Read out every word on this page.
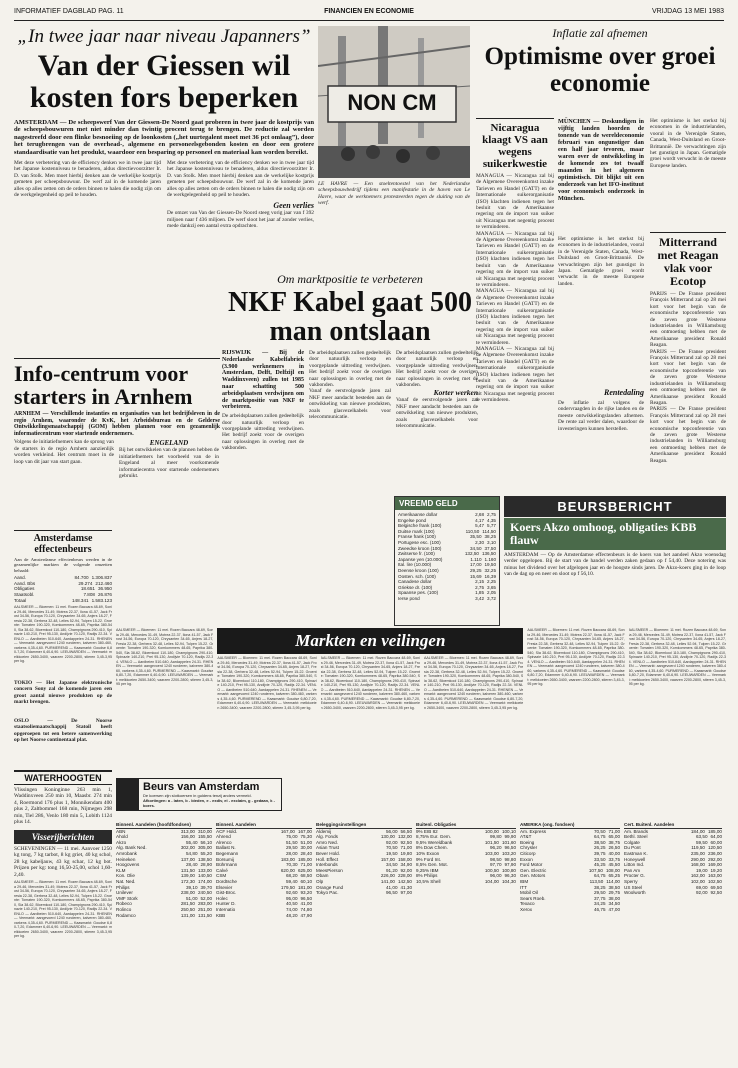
INFORMATIEF DAGBLAD PAG. 11	FINANCIEN EN ECONOMIE	VRIJDAG 13 MEI 1983
„In twee jaar naar niveau Japanners”
Van der Giessen wil kosten fors beperken
AMSTERDAM — De scheepswerf Van der Giessen-De Noord gaat proberen in twee jaar de kostprijs van de scheepsbouwuren met niet minder dan twintig procent terug te brengen. De reductie zal worden nagestreefd door een flinke besnoeiing op de loonkosten („het uurtegalent moet met 36 pct omlaag”), door het terugbrengen van de overhead-, algemene en personeelsgebonden kosten en door een grotere standaardisatie van het produkt, waardoor een besparing op personeel en materiaal kan worden bereikt.
Met deze verbetering van de efficiency denken we in twee jaar tijd het Japanse kostenniveau te benaderen, aldus directievoorzitter Ir. D. van Stolk. Men moet hierbij denken aan de werkelijke kostprijs gemeten per scheepsbouwuur. De werf zal in de komende jaren alles op alles zetten om de orders binnen te halen die nodig zijn om de werkgelegenheid op peil te houden.
Met deze verbetering van de efficiency denken we in twee jaar tijd het Japanse kostenniveau te benaderen, aldus directievoorzitter Ir. D. van Stolk. Men moet hierbij denken aan de werkelijke kostprijs gemeten per scheepsbouwuur. De werf zal in de komende jaren alles op alles zetten om de orders binnen te halen die nodig zijn om de werkgelegenheid op peil te houden.
Geen verlies
De omzet van Van der Giessen-De Noord steeg vorig jaar van f 392 miljoen naar f 436 miljoen. De werf sloot het jaar af zonder verlies, mede dankzij een aantal extra opdrachten.
NON CM
LE HAVRE — Een stoeltentoestel van het Nederlandse scheepsbouwbedrijf tijdens een manifestatie in de haven van Le Havre, waar de werknemers protesteerden tegen de sluiting van de werf.
Inflatie zal afnemen
Optimisme over groei economie
MÜNCHEN — Deskundigen in vijftig landen hoorden de tonende van de wereldeconomie februari van ongunstiger dan een half jaar tevoren, maar waren over de ontwikkeling in de komende zes tot twaalf maanden in het algemeen optimistisch. Dit blijkt uit een onderzoek van het IFO-instituut voor economisch onderzoek in München.
Het optimisme is het sterkst bij economen in de industrielanden, vooral in de Verenigde Staten, Canada, West-Duitsland en Groot-Brittannië. De verwachtingen zijn het gunstigst in Japan. Gematigde groei wordt verwacht in de meeste Europese landen.
Rentedaling
De inflatie zal volgens de ondervraagden in de rijke landen en de meeste ontwikkelingslanden afnemen. De rente zal verder dalen, waardoor de investeringen kunnen herstellen.
Het optimisme is het sterkst bij economen in de industrielanden, vooral in de Verenigde Staten, Canada, West-Duitsland en Groot-Brittannië. De verwachtingen zijn het gunstigst in Japan. Gematigde groei wordt verwacht in de meeste Europese landen.
Nicaragua klaagt VS aan wegens suikerkwestie
MANAGUA — Nicaragua zal bij de Algemene Overeenkomst inzake Tarieven en Handel (GATT) en de Internationale suikerorganisatie (ISO) klachten indienen tegen het besluit van de Amerikaanse regering om de import van suiker uit Nicaragua met negentig procent te verminderen.
MANAGUA — Nicaragua zal bij de Algemene Overeenkomst inzake Tarieven en Handel (GATT) en de Internationale suikerorganisatie (ISO) klachten indienen tegen het besluit van de Amerikaanse regering om de import van suiker uit Nicaragua met negentig procent te verminderen.
MANAGUA — Nicaragua zal bij de Algemene Overeenkomst inzake Tarieven en Handel (GATT) en de Internationale suikerorganisatie (ISO) klachten indienen tegen het besluit van de Amerikaanse regering om de import van suiker uit Nicaragua met negentig procent te verminderen.
MANAGUA — Nicaragua zal bij de Algemene Overeenkomst inzake Tarieven en Handel (GATT) en de Internationale suikerorganisatie (ISO) klachten indienen tegen het besluit van de Amerikaanse regering om de import van suiker uit Nicaragua met negentig procent te verminderen.
Mitterrand met Reagan vlak voor Ecotop
PARIJS — De Franse president François Mitterrand zal op 28 mei kort voor het begin van de economische topconferentie van de zeven grote Westerse industrielanden in Williamsburg een ontmoeting hebben met de Amerikaanse president Ronald Reagan.
PARIJS — De Franse president François Mitterrand zal op 28 mei kort voor het begin van de economische topconferentie van de zeven grote Westerse industrielanden in Williamsburg een ontmoeting hebben met de Amerikaanse president Ronald Reagan.
PARIJS — De Franse president François Mitterrand zal op 28 mei kort voor het begin van de economische topconferentie van de zeven grote Westerse industrielanden in Williamsburg een ontmoeting hebben met de Amerikaanse president Ronald Reagan.
Om marktpositie te verbeteren
NKF Kabel gaat 500 man ontslaan
RIJSWIJK — Bij de Nederlandse Kabelfabriek (3.900 werknemers in Amsterdam, Delft, Delfzijl en Waddinxveen) zullen tot 1985 naar schatting 500 arbeidsplaatsen verdwijnen om de marktpositie van NKF te verbeteren.
De arbeidsplaatsen zullen gedeeltelijk door natuurlijk verloop en voorgeplande uittreding verdwijnen. Het bedrijf zoekt voor de overigen naar oplossingen in overleg met de vakbonden.
De arbeidsplaatsen zullen gedeeltelijk door natuurlijk verloop en voorgeplande uittreding verdwijnen. Het bedrijf zoekt voor de overigen naar oplossingen in overleg met de vakbonden.
Vanaf de eerstvolgende jaren zal NKF meer aandacht besteden aan de ontwikkeling van nieuwe produkten, zoals glasvezelkabels voor telecommunicatie.
De arbeidsplaatsen zullen gedeeltelijk door natuurlijk verloop en voorgeplande uittreding verdwijnen. Het bedrijf zoekt voor de overigen naar oplossingen in overleg met de vakbonden.
Korter werken
Vanaf de eerstvolgende jaren zal NKF meer aandacht besteden aan de ontwikkeling van nieuwe produkten, zoals glasvezelkabels voor telecommunicatie.
Info-centrum voor starters in Arnhem
ARNHEM — Verschillende instanties en organisaties van het bedrijfsleven in de regio Arnhem, waaronder de KvK, het Arbeidsbureau en de Gelderse Ontwikkelingsmaatschappij (GOM) hebben plannen voor een gezamenlijk informatiecentrum voor startende ondernemers.
Volgens de initiatiefnemers kan de sprong van de starters in de regio Arnhem aanzienlijk worden verkleind. Het centrum moet in de loop van dit jaar van start gaan.
ENGELAND
Bij het ontwikkelen van de plannen hebben de initiatiefnemers het voorbeeld van de in Engeland al meer voorkomende informatiecentra voor startende ondernemers gebruikt.
Amsterdamse effectenbeurs
Aan de Amsterdamse effectenbeurs werden in de gezamenlijke markten de volgende omzetten behaald:
Aand.	84.700 1.306.837
Aand. Bbs	29.274 212.460
Obligaties	18.651 36.950
Staatsobl.	7.808 26.876
Totaal	148.341 1.583.123
AALSMEER — Bloemen: 11 mei. Rozen Baccara 48-69, Sonia 29-46, Mercedes 31-49, Motrea 22-37, Ilona 41-57, Jack Frost 34-56, Europa 70-120, Chrysanten 34-65, Anjers 18-27, Fresia 22-38, Gerbera 32-48, Lelies 52-94, Tulpen 15-22. Groente: Tomaten 190-320, Komkommers 48-65, Paprika 380-540, Sla 38-62, Bloemkool 110-180, Champignons 290-410, Spinazie 140-210, Prei 95-130, Andijvie 70-120, Radijs 22-34. VENLO — Aardbeien 510-640, Aardappelen 24-31. RHENEN — Veemarkt: aangevoerd 1240 runderen, kalveren 380-460, varkens 4,35-4,60. PURMEREND — Kaasmarkt: Goudse 6,80-7,20, Edammer 6,40-6,90. LEEUWARDEN — Veemarkt: melkkoeien 2650-3400, vaarzen 2200-2800, stieren 3,45-3,95 per kg.
TOKIO — Het Japanse elektronische concern Sony zal de komende jaren een groot aantal nieuwe produkten op de markt brengen.
OSLO — De Noorse staatsoliemaatschappij Statoil heeft opgeroepen tot een betere samenwerking op het Noorse continentaal plat.
WATERHOOGTEN
Vlissingen Koninginne 263 min 1, Waddinxveen 250 min 10, Maasbr. 274 min 4, Roermond 176 plus 1, Monnikendam 400 plus 2, Zaltbommel 168 min, Nijmegen 298 min, Tiel 286, Venlo 180 min 5, Lobith 1124 plus 14.
Visserijberichten
SCHEVENINGEN — 11 mei. Aanvoer 1250 kg tong, 7 kg tarbot, 8 kg griet, 40 kg schol, 28 kg kabeljauw, 43 kg schar, 12 kg bot. Prijzen per kg: tong 16,50-25,00, schol 1,60-2,40.
AALSMEER — Bloemen: 11 mei. Rozen Baccara 48-69, Sonia 29-46, Mercedes 31-49, Motrea 22-37, Ilona 41-57, Jack Frost 34-56, Europa 70-120, Chrysanten 34-65, Anjers 18-27, Fresia 22-38, Gerbera 32-48, Lelies 52-94, Tulpen 15-22. Groente: Tomaten 190-320, Komkommers 48-65, Paprika 380-540, Sla 38-62, Bloemkool 110-180, Champignons 290-410, Spinazie 140-210, Prei 95-130, Andijvie 70-120, Radijs 22-34. VENLO — Aardbeien 510-640, Aardappelen 24-31. RHENEN — Veemarkt: aangevoerd 1240 runderen, kalveren 380-460, varkens 4,35-4,60. PURMEREND — Kaasmarkt: Goudse 6,80-7,20, Edammer 6,40-6,90. LEEUWARDEN — Veemarkt: melkkoeien 2650-3400, vaarzen 2200-2800, stieren 3,45-3,95 per kg.
VREEMD GELD
Amerikaanse dollar	2,68 2,75
Engelse pond	4,17 4,35
Belgische frank (100)	5,47 5,77
Duitse mark (100)	110,50 114,50
Franse frank (100)	35,50 38,25
Portugese esc. (100)	2,30 3,10
Zweedse kroon (100)	34,50 37,50
Zwitserse fr. (100)	132,50 136,50
Japanse yen (10.000)	1.110 1.160
Ital. lire (10.000)	17,00 19,50
Deense kroon (100)	29,25 32,25
Oosten. sch. (100)	15,69 16,39
Canadese dollar	2,15 2,25
Griekse dr. (100)	2,75 3,65
Spaanse pes. (100)	1,85 2,05
Ierse pond	3,42 3,72
BEURSBERICHT
Koers Akzo omhoog, obligaties KBB flauw
AMSTERDAM — Op de Amsterdamse effectenbeurs is de koers van het aandeel Akzo woensdag verder opgelopen. Bij de start van de handel werden zaken gedaan op f 54,40. Deze notering was minus het dividend over het afgelopen jaar en de hoogste sinds jaren. De Akzo-koers ging in de loop van de dag op en neer en sloot op f 56,10.
AALSMEER — Bloemen: 11 mei. Rozen Baccara 48-69, Sonia 29-46, Mercedes 31-49, Motrea 22-37, Ilona 41-57, Jack Frost 34-56, Europa 70-120, Chrysanten 34-65, Anjers 18-27, Fresia 22-38, Gerbera 32-48, Lelies 52-94, Tulpen 15-22. Groente: Tomaten 190-320, Komkommers 48-65, Paprika 380-540, Sla 38-62, Bloemkool 110-180, Champignons 290-410, Spinazie 140-210, Prei 95-130, Andijvie 70-120, Radijs 22-34. VENLO — Aardbeien 510-640, Aardappelen 24-31. RHENEN — Veemarkt: aangevoerd 1240 runderen, kalveren 380-460, varkens 4,35-4,60. PURMEREND — Kaasmarkt: Goudse 6,80-7,20, Edammer 6,40-6,90. LEEUWARDEN — Veemarkt: melkkoeien 2650-3400, vaarzen 2200-2800, stieren 3,45-3,95 per kg.
Markten en veilingen
AALSMEER — Bloemen: 11 mei. Rozen Baccara 48-69, Sonia 29-46, Mercedes 31-49, Motrea 22-37, Ilona 41-57, Jack Frost 34-56, Europa 70-120, Chrysanten 34-65, Anjers 18-27, Fresia 22-38, Gerbera 32-48, Lelies 52-94, Tulpen 15-22. Groente: Tomaten 190-320, Komkommers 48-65, Paprika 380-540, Sla 38-62, Bloemkool 110-180, Champignons 290-410, Spinazie 140-210, Prei 95-130, Andijvie 70-120, Radijs 22-34. VENLO — Aardbeien 510-640, Aardappelen 24-31. RHENEN — Veemarkt: aangevoerd 1240 runderen, kalveren 380-460, varkens 4,35-4,60. PURMEREND — Kaasmarkt: Goudse 6,80-7,20, Edammer 6,40-6,90. LEEUWARDEN — Veemarkt: melkkoeien 2650-3400, vaarzen 2200-2800, stieren 3,45-3,95 per kg.
AALSMEER — Bloemen: 11 mei. Rozen Baccara 48-69, Sonia 29-46, Mercedes 31-49, Motrea 22-37, Ilona 41-57, Jack Frost 34-56, Europa 70-120, Chrysanten 34-65, Anjers 18-27, Fresia 22-38, Gerbera 32-48, Lelies 52-94, Tulpen 15-22. Groente: Tomaten 190-320, Komkommers 48-65, Paprika 380-540, Sla 38-62, Bloemkool 110-180, Champignons 290-410, Spinazie 140-210, Prei 95-130, Andijvie 70-120, Radijs 22-34. VENLO — Aardbeien 510-640, Aardappelen 24-31. RHENEN — Veemarkt: aangevoerd 1240 runderen, kalveren 380-460, varkens 4,35-4,60. PURMEREND — Kaasmarkt: Goudse 6,80-7,20, Edammer 6,40-6,90. LEEUWARDEN — Veemarkt: melkkoeien 2650-3400, vaarzen 2200-2800, stieren 3,45-3,95 per kg.
AALSMEER — Bloemen: 11 mei. Rozen Baccara 48-69, Sonia 29-46, Mercedes 31-49, Motrea 22-37, Ilona 41-57, Jack Frost 34-56, Europa 70-120, Chrysanten 34-65, Anjers 18-27, Fresia 22-38, Gerbera 32-48, Lelies 52-94, Tulpen 15-22. Groente: Tomaten 190-320, Komkommers 48-65, Paprika 380-540, Sla 38-62, Bloemkool 110-180, Champignons 290-410, Spinazie 140-210, Prei 95-130, Andijvie 70-120, Radijs 22-34. VENLO — Aardbeien 510-640, Aardappelen 24-31. RHENEN — Veemarkt: aangevoerd 1240 runderen, kalveren 380-460, varkens 4,35-4,60. PURMEREND — Kaasmarkt: Goudse 6,80-7,20, Edammer 6,40-6,90. LEEUWARDEN — Veemarkt: melkkoeien 2650-3400, vaarzen 2200-2800, stieren 3,45-3,95 per kg.
AALSMEER — Bloemen: 11 mei. Rozen Baccara 48-69, Sonia 29-46, Mercedes 31-49, Motrea 22-37, Ilona 41-57, Jack Frost 34-56, Europa 70-120, Chrysanten 34-65, Anjers 18-27, Fresia 22-38, Gerbera 32-48, Lelies 52-94, Tulpen 15-22. Groente: Tomaten 190-320, Komkommers 48-65, Paprika 380-540, Sla 38-62, Bloemkool 110-180, Champignons 290-410, Spinazie 140-210, Prei 95-130, Andijvie 70-120, Radijs 22-34. VENLO — Aardbeien 510-640, Aardappelen 24-31. RHENEN — Veemarkt: aangevoerd 1240 runderen, kalveren 380-460, varkens 4,35-4,60. PURMEREND — Kaasmarkt: Goudse 6,80-7,20, Edammer 6,40-6,90. LEEUWARDEN — Veemarkt: melkkoeien 2650-3400, vaarzen 2200-2800, stieren 3,45-3,95 per kg.
AALSMEER — Bloemen: 11 mei. Rozen Baccara 48-69, Sonia 29-46, Mercedes 31-49, Motrea 22-37, Ilona 41-57, Jack Frost 34-56, Europa 70-120, Chrysanten 34-65, Anjers 18-27, Fresia 22-38, Gerbera 32-48, Lelies 52-94, Tulpen 15-22. Groente: Tomaten 190-320, Komkommers 48-65, Paprika 380-540, Sla 38-62, Bloemkool 110-180, Champignons 290-410, Spinazie 140-210, Prei 95-130, Andijvie 70-120, Radijs 22-34. VENLO — Aardbeien 510-640, Aardappelen 24-31. RHENEN — Veemarkt: aangevoerd 1240 runderen, kalveren 380-460, varkens 4,35-4,60. PURMEREND — Kaasmarkt: Goudse 6,80-7,20, Edammer 6,40-6,90. LEEUWARDEN — Veemarkt: melkkoeien 2650-3400, vaarzen 2200-2800, stieren 3,45-3,95 per kg.
Beurs van Amsterdam
De koersen zijn slotkoersen in guldens tenzij anders vermeld.
Afkortingen: a - laten, b - bieden, e - exdiv, ei - exclaim, g - gedaan, k - koers.
Binnenl. Aandelen (hoofdfondsen)
ABN	313,00 310,00
Ahold	156,00 155,50
Akzo	55,40 56,10
Alg. Bank Ned.	302,00 305,00
Amrobank	54,80 55,20
Heineken	137,00 138,50
Hoogovens	28,40 28,90
KLM	131,50 133,00
Kon. Olie	139,00 140,50
Nat. Ned.	172,30 174,00
Philips	39,10 39,70
Unilever	238,00 240,50
VMF Stork	51,00 52,00
Robeco	281,50 283,00
Rolinco	250,50 251,00
Rodamco	131,00 131,50
Binnenl. Aandelen
ACF Hold.	167,00 167,00
Ahrend	75,00 75,30
Alrenco	51,50 51,00
Ballast N.	29,50 30,00
Begemann	28,00 28,40
Borsumij	183,00 185,00
Bührmann	70,30 71,00
Calvé	620,00 625,00
CSM	68,20 68,50
Dordtsche	59,40 60,10
Elsevier	179,50 181,00
Gist-Broc.	92,60 93,20
Holec	95,00 96,50
Hunter D.	40,50 41,00
Internatio	74,00 74,80
KBB	48,20 47,90
Beleggingsinstellingen
Aldemij	56,00 56,50
Alg. Fonds	130,00 132,00
Amro Ned.	92,00 92,50
Asian Trust	70,50 71,00
Bever Hold.	19,50 19,80
Holl. Effect	157,00 158,00
Interbonds	34,50 34,90
MeesPierson	91,20 92,00
Obam	226,00 228,00
Olp	141,00 142,50
Orange Fund	41,00 41,30
Tokyo Pac.	96,50 97,00
Buitenl. Obligaties
9% EIB 82	100,00 100,10
8,75% Eur. Gem.	99,80 99,90
9,5% Wereldbank	101,50 101,60
8% Dow Chem.	96,20 96,50
10% Exxon	103,00 103,20
9% Ford Int.	98,50 98,80
8,5% Gen. Mot.	97,70 97,90
9,25% IBM	100,50 100,80
8% Philips	96,00 96,30
10,5% Shell	104,00 104,30
AMERIKA (ong. fondsen)
Am. Express	70,50 71,00
AT&T	64,75 65,00
Boeing	38,50 38,75
Chrysler	26,25 26,50
Citicorp	39,75 40,00
Exxon	33,50 33,75
Ford Motor	45,25 45,50
Gen. Electric	107,50 108,00
Gen. Motors	64,75 65,25
IBM	113,50 114,00
ITT	38,25 38,50
Mobil Oil	29,50 29,75
Sears Roeb.	37,75 38,00
Texaco	34,25 34,50
Xerox	46,75 47,00
Cert. Buitenl. Aandelen
Am. Brands	184,00 185,00
Bethl. Steel	63,50 64,00
Colgate	59,50 60,00
Du Pont	119,50 120,50
Eastman K.	235,00 236,00
Honeywell	290,00 292,00
Litton Ind.	168,00 169,00
Pan Am	19,00 19,20
Procter G.	162,00 163,00
Sperry	102,00 102,50
US Steel	69,00 69,50
Woolworth	92,00 92,50
